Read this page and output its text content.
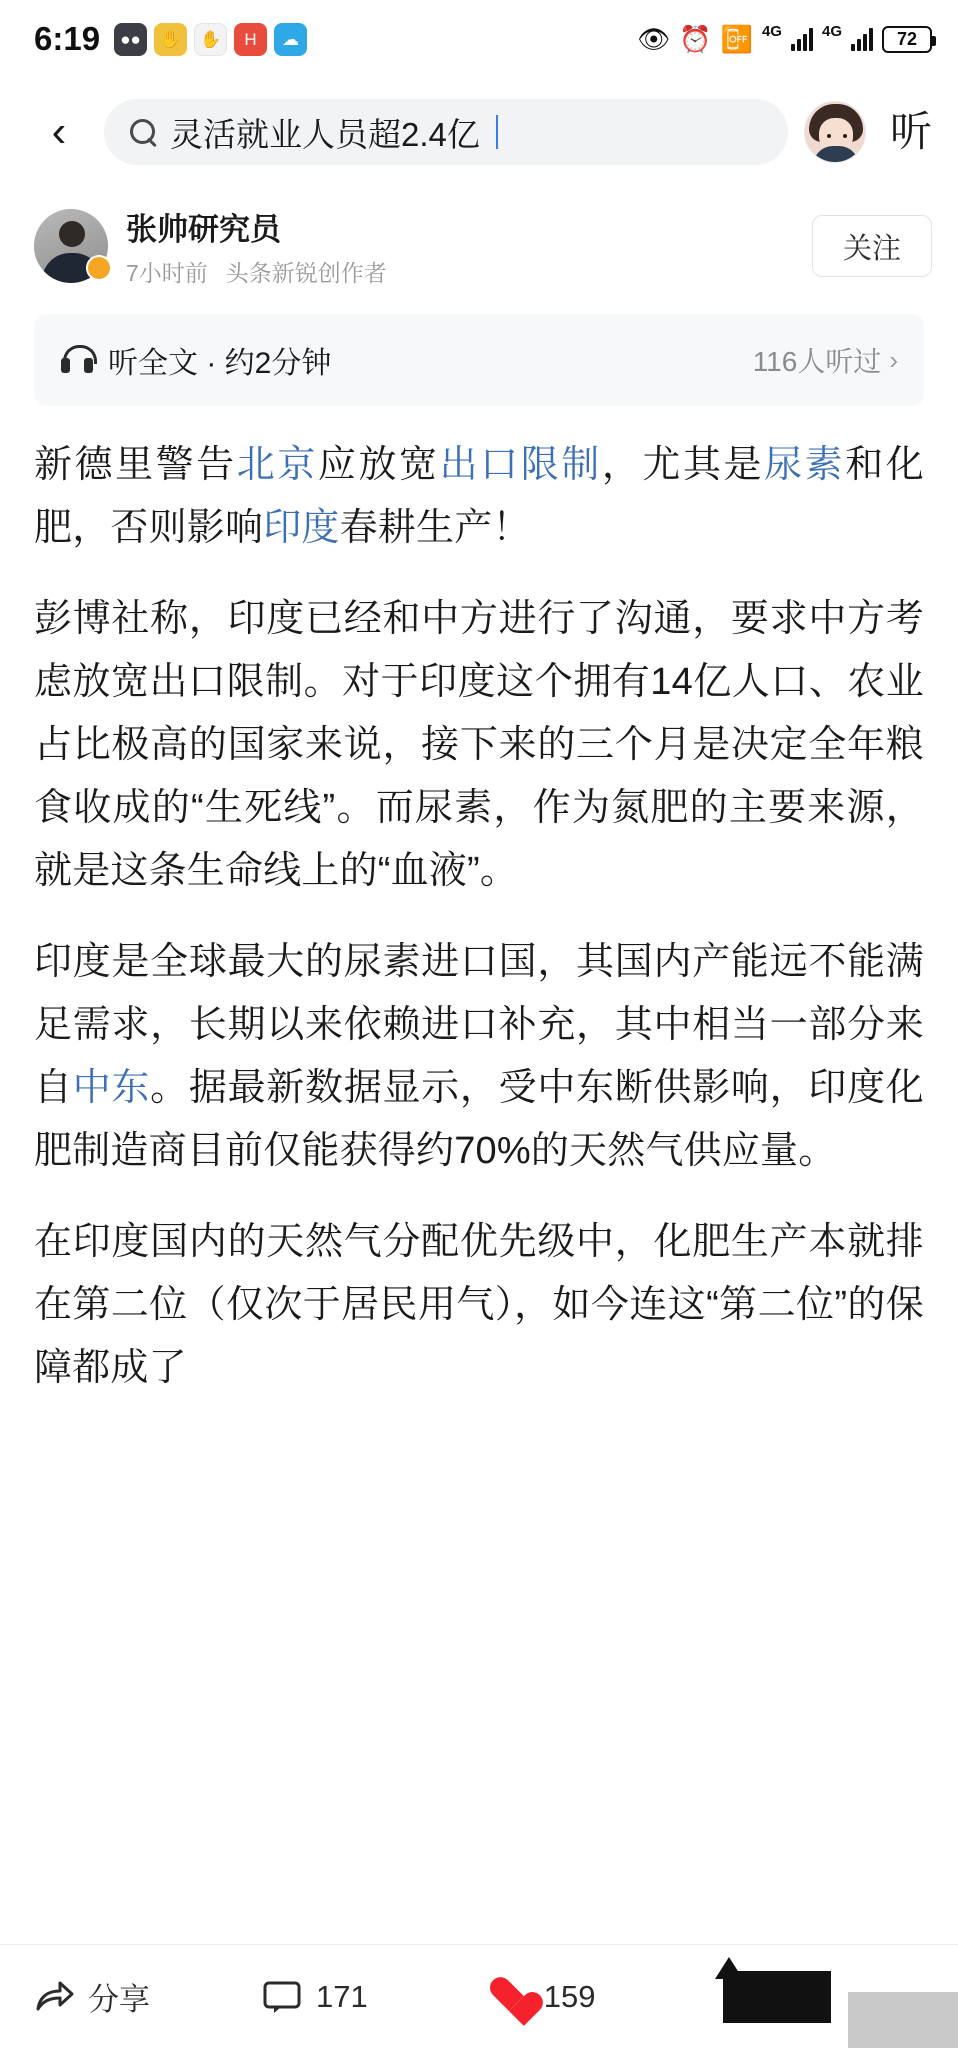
6:19	●●	✋	✋	H	☁	👁 ⏰ 📴 4G	4G	72
‹	灵活就业人员超2.4亿	听
张帅研究员
7小时前 头条新锐创作者
关注
听全文 · 约2分钟	116人听过 ›

新德里警告北京应放宽出口限制，尤其是尿素和化肥，否则影响印度春耕生产！

彭博社称，印度已经和中方进行了沟通，要求中方考虑放宽出口限制。对于印度这个拥有14亿人口、农业占比极高的国家来说，接下来的三个月是决定全年粮食收成的“生死线”。而尿素，作为氮肥的主要来源，就是这条生命线上的“血液”。

印度是全球最大的尿素进口国，其国内产能远不能满足需求，长期以来依赖进口补充，其中相当一部分来自中东。据最新数据显示，受中东断供影响，印度化肥制造商目前仅能获得约70%的天然气供应量。

在印度国内的天然气分配优先级中，化肥生产本就排在第二位（仅次于居民用气），如今连这“第二位”的保障都成了

分享	171	159
